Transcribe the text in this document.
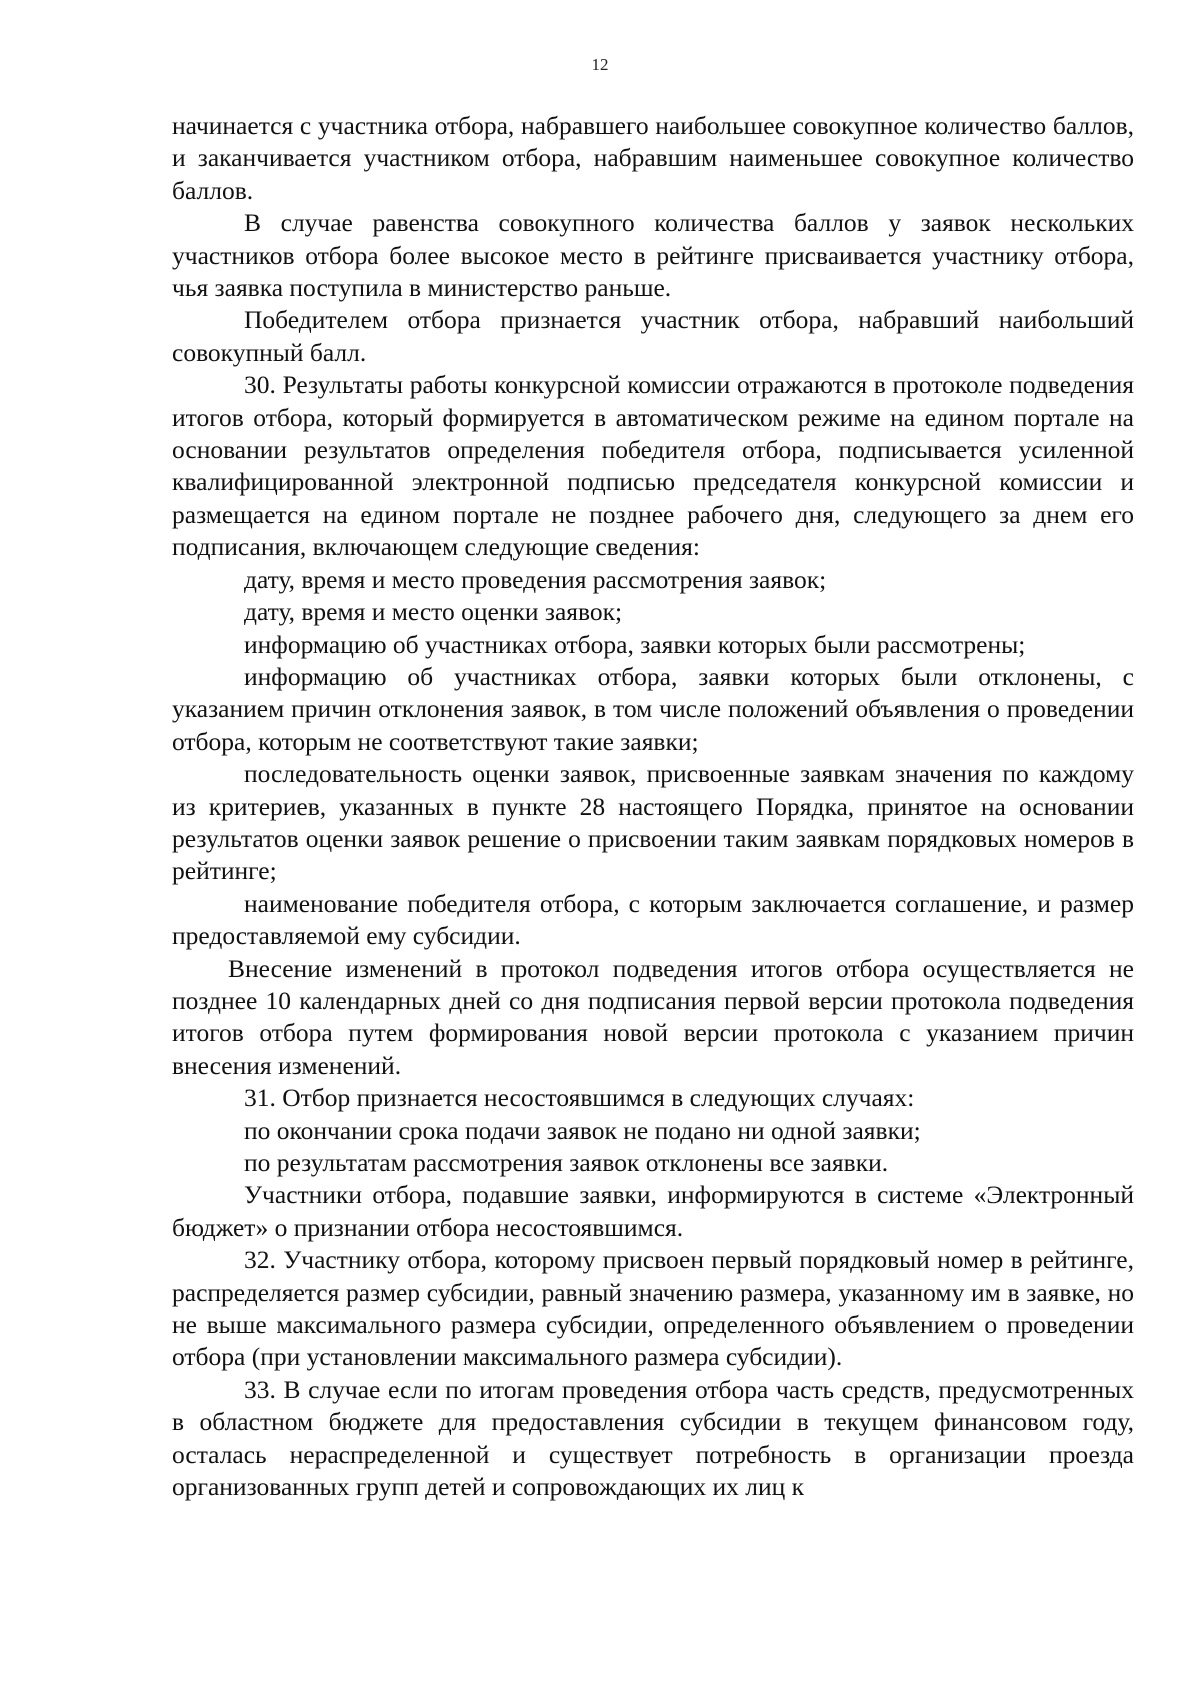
12

начинается с участника отбора, набравшего наибольшее совокупное количество баллов, и заканчивается участником отбора, набравшим наименьшее совокупное количество баллов.

В случае равенства совокупного количества баллов у заявок нескольких участников отбора более высокое место в рейтинге присваивается участнику отбора, чья заявка поступила в министерство раньше.

Победителем отбора признается участник отбора, набравший наибольший совокупный балл.

30. Результаты работы конкурсной комиссии отражаются в протоколе подведения итогов отбора, который формируется в автоматическом режиме на едином портале на основании результатов определения победителя отбора, подписывается усиленной квалифицированной электронной подписью председателя конкурсной комиссии и размещается на едином портале не позднее рабочего дня, следующего за днем его подписания, включающем следующие сведения:

дату, время и место проведения рассмотрения заявок;

дату, время и место оценки заявок;

информацию об участниках отбора, заявки которых были рассмотрены;

информацию об участниках отбора, заявки которых были отклонены, с указанием причин отклонения заявок, в том числе положений объявления о проведении отбора, которым не соответствуют такие заявки;

последовательность оценки заявок, присвоенные заявкам значения по каждому из критериев, указанных в пункте 28 настоящего Порядка, принятое на основании результатов оценки заявок решение о присвоении таким заявкам порядковых номеров в рейтинге;

наименование победителя отбора, с которым заключается соглашение, и размер предоставляемой ему субсидии.

Внесение изменений в протокол подведения итогов отбора осуществляется не позднее 10 календарных дней со дня подписания первой версии протокола подведения итогов отбора путем формирования новой версии протокола с указанием причин внесения изменений.

31. Отбор признается несостоявшимся в следующих случаях:

по окончании срока подачи заявок не подано ни одной заявки;

по результатам рассмотрения заявок отклонены все заявки.

Участники отбора, подавшие заявки, информируются в системе «Электронный бюджет» о признании отбора несостоявшимся.

32. Участнику отбора, которому присвоен первый порядковый номер в рейтинге, распределяется размер субсидии, равный значению размера, указанному им в заявке, но не выше максимального размера субсидии, определенного объявлением о проведении отбора (при установлении максимального размера субсидии).

33. В случае если по итогам проведения отбора часть средств, предусмотренных в областном бюджете для предоставления субсидии в текущем финансовом году, осталась нераспределенной и существует потребность в организации проезда организованных групп детей и сопровождающих их лиц к
